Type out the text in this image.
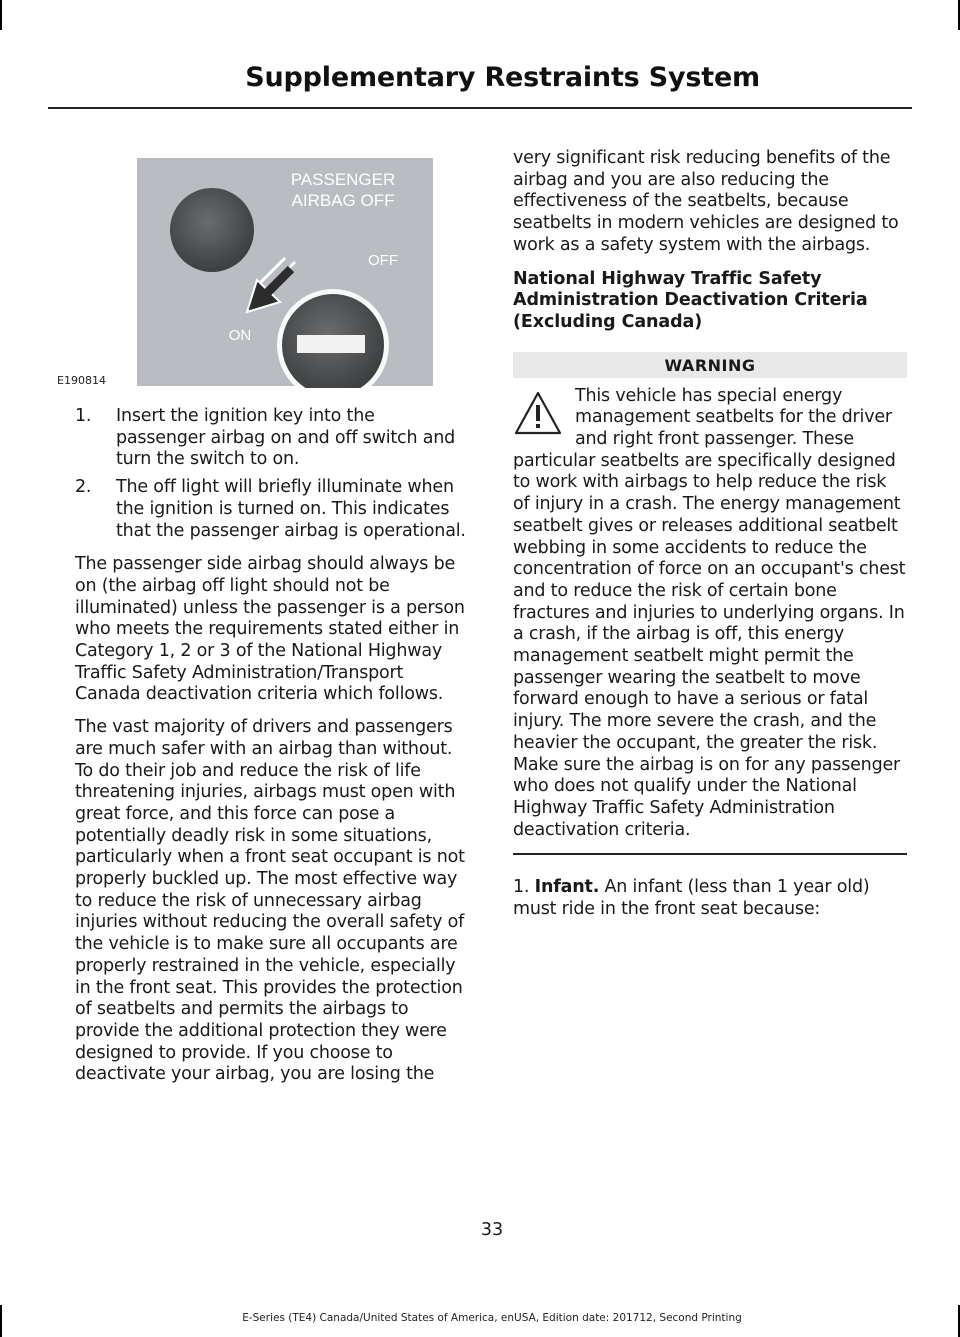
Supplementary Restraints System
PASSENGER
AIRBAG OFF
OFF
ON
E190814
1. Insert the ignition key into the passenger airbag on and off switch and turn the switch to on.
2. The off light will briefly illuminate when the ignition is turned on. This indicates that the passenger airbag is operational.

The passenger side airbag should always be on (the airbag off light should not be illuminated) unless the passenger is a person who meets the requirements stated either in Category 1, 2 or 3 of the National Highway Traffic Safety Administration/Transport Canada deactivation criteria which follows.

The vast majority of drivers and passengers are much safer with an airbag than without. To do their job and reduce the risk of life threatening injuries, airbags must open with great force, and this force can pose a potentially deadly risk in some situations, particularly when a front seat occupant is not properly buckled up. The most effective way to reduce the risk of unnecessary airbag injuries without reducing the overall safety of the vehicle is to make sure all occupants are properly restrained in the vehicle, especially in the front seat. This provides the protection of seatbelts and permits the airbags to provide the additional protection they were designed to provide. If you choose to deactivate your airbag, you are losing the

very significant risk reducing benefits of the airbag and you are also reducing the effectiveness of the seatbelts, because seatbelts in modern vehicles are designed to work as a safety system with the airbags.

National Highway Traffic Safety Administration Deactivation Criteria (Excluding Canada)
WARNING

This vehicle has special energy management seatbelts for the driver and right front passenger. These particular seatbelts are specifically designed to work with airbags to help reduce the risk of injury in a crash. The energy management seatbelt gives or releases additional seatbelt webbing in some accidents to reduce the concentration of force on an occupant's chest and to reduce the risk of certain bone fractures and injuries to underlying organs. In a crash, if the airbag is off, this energy management seatbelt might permit the passenger wearing the seatbelt to move forward enough to have a serious or fatal injury. The more severe the crash, and the heavier the occupant, the greater the risk. Make sure the airbag is on for any passenger who does not qualify under the National Highway Traffic Safety Administration deactivation criteria.

1. Infant. An infant (less than 1 year old) must ride in the front seat because:

33
E-Series (TE4) Canada/United States of America, enUSA, Edition date: 201712, Second Printing
